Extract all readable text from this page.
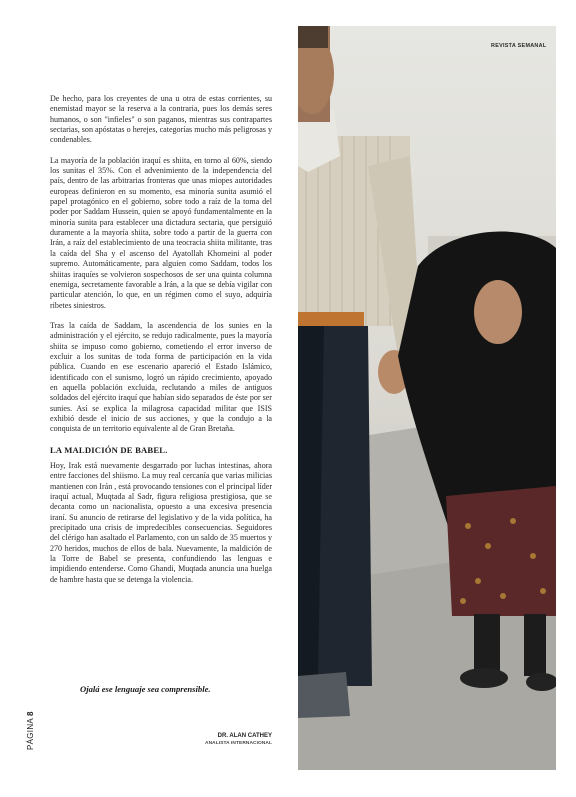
De hecho, para los creyentes de una u otra de estas corrientes, su enemistad mayor se la reserva a la contraria, pues los demás seres humanos, o son "infieles" o son paganos, mientras sus contrapartes sectarias, son apóstatas o herejes, categorías mucho más peligrosas y condenables.

La mayoría de la población iraquí es shiita, en torno al 60%, siendo los sunitas el 35%. Con el advenimiento de la independencia del país, dentro de las arbitrarias fronteras que unas miopes autoridades europeas definieron en su momento, esa minoría sunita asumió el papel protagónico en el gobierno, sobre todo a raíz de la toma del poder por Saddam Hussein, quien se apoyó fundamentalmente en la minoría sunita para establecer una dictadura sectaria, que persiguió duramente a la mayoría shiita, sobre todo a partir de la guerra con Irán, a raíz del establecimiento de una teocracia shiita militante, tras la caída del Sha y el ascenso del Ayatollah Khomeini al poder supremo. Automáticamente, para alguien como Saddam, todos los shiitas iraquíes se volvieron sospechosos de ser una quinta columna enemiga, secretamente favorable a Irán, a la que se debía vigilar con particular atención, lo que, en un régimen como el suyo, adquiría ribetes siniestros.

Tras la caída de Saddam, la ascendencia de los sunies en la administración y el ejército, se redujo radicalmente, pues la mayoría shiita se impuso como gobierno, cometiendo el error inverso de excluir a los sunitas de toda forma de participación en la vida pública. Cuando en ese escenario apareció el Estado Islámico, identificado con el sunismo, logró un rápido crecimiento, apoyado en aquella población excluida, reclutando a miles de antiguos soldados del ejército iraquí que habían sido separados de éste por ser sunies. Así se explica la milagrosa capacidad militar que ISIS exhibió desde el inicio de sus acciones, y que la condujo a la conquista de un territorio equivalente al de Gran Bretaña.

LA MALDICIÓN DE BABEL.

Hoy, Irak está nuevamente desgarrado por luchas intestinas, ahora entre facciones del shiismo. La muy real cercanía que varias milicias mantienen con Irán , está provocando tensiones con el principal líder iraquí actual, Muqtada al Sadr, figura religiosa prestigiosa, que se decanta como un nacionalista, opuesto a una excesiva presencia iraní. Su anuncio de retirarse del legislativo y de la vida política, ha precipitado una crisis de impredecibles consecuencias. Seguidores del clérigo han asaltado el Parlamento, con un saldo de 35 muertos y 270 heridos, muchos de ellos de bala. Nuevamente, la maldición de la Torre de Babel se presenta, confundiendo las lenguas e impidiendo entenderse. Como Ghandi, Muqtada anuncia una huelga de hambre hasta que se detenga la violencia.

Ojalá ese lenguaje sea comprensible.
DR. ALAN CATHEY
ANALISTA INTERNACIONAL
PÁGINA8
REVISTA SEMANAL
